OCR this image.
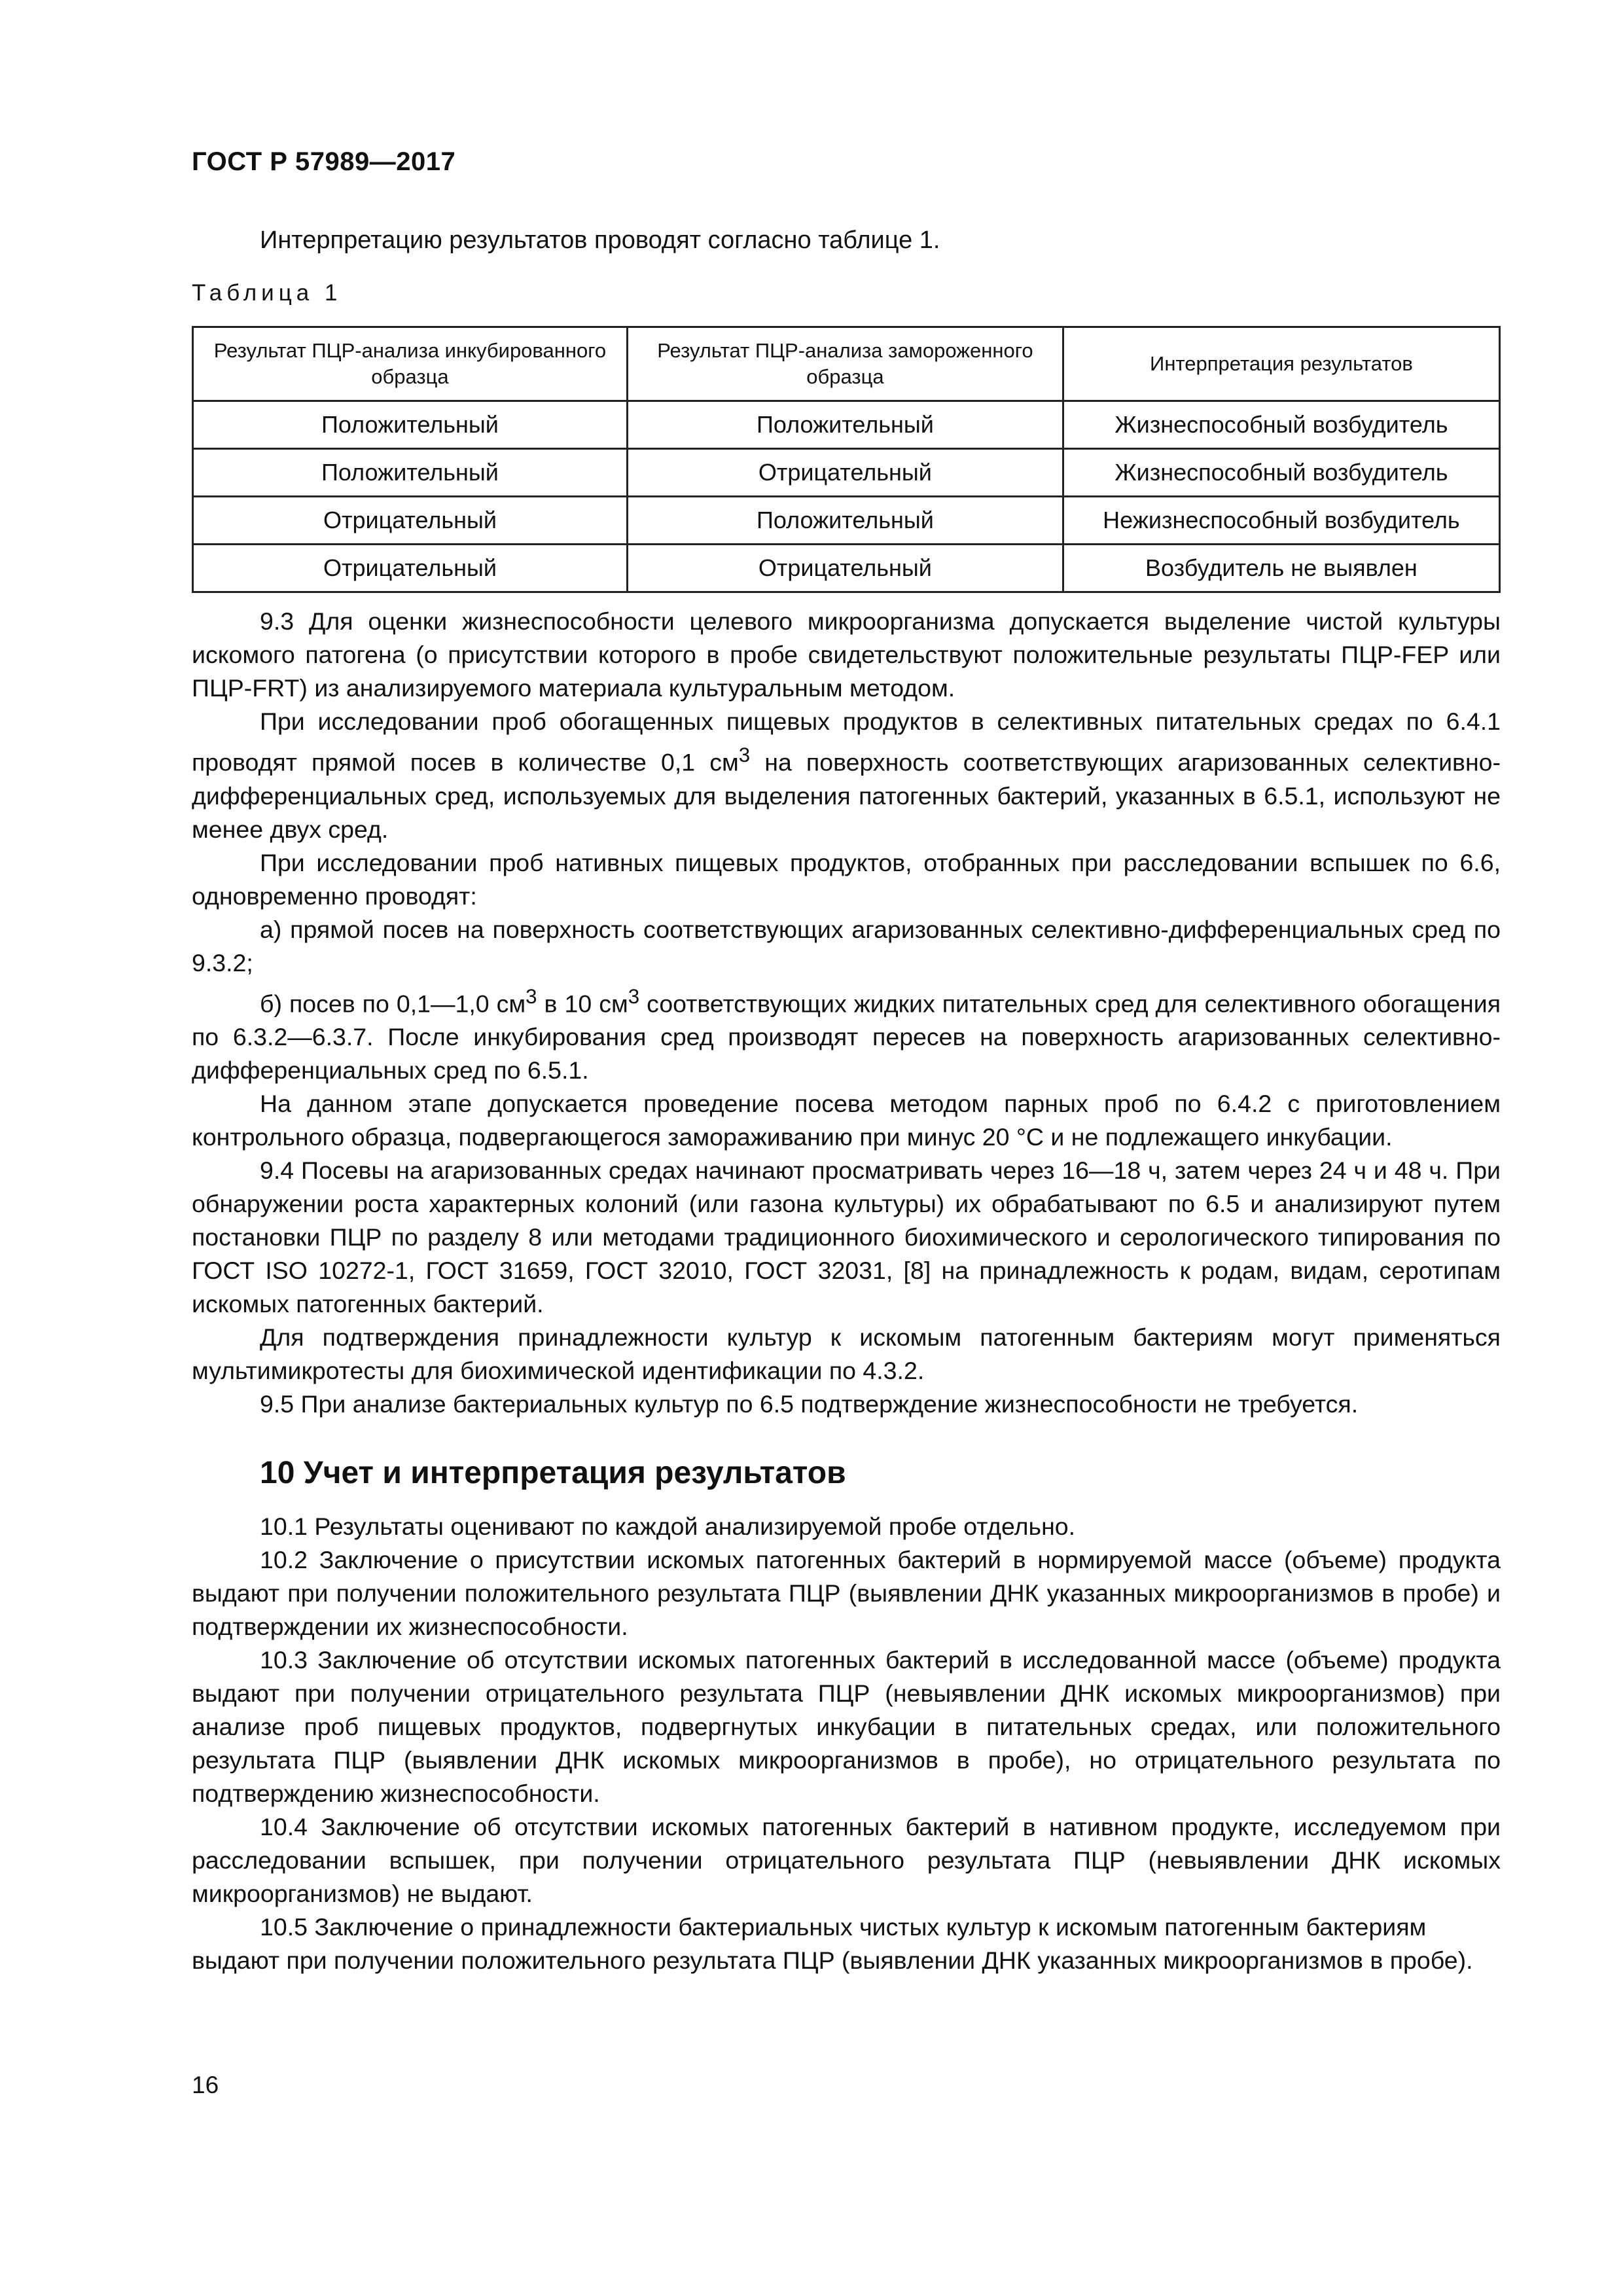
ГОСТ Р 57989—2017
Интерпретацию результатов проводят согласно таблице 1.
Таблица 1
Результат ПЦР-анализа инкубированного образца	Результат ПЦР-анализа замороженного образца	Интерпретация результатов
Положительный	Положительный	Жизнеспособный возбудитель
Положительный	Отрицательный	Жизнеспособный возбудитель
Отрицательный	Положительный	Нежизнеспособный возбудитель
Отрицательный	Отрицательный	Возбудитель не выявлен

9.3 Для оценки жизнеспособности целевого микроорганизма допускается выделение чистой культуры искомого патогена (о присутствии которого в пробе свидетельствуют положительные результаты ПЦР-FEP или ПЦР-FRT) из анализируемого материала культуральным методом.

При исследовании проб обогащенных пищевых продуктов в селективных питательных средах по 6.4.1 проводят прямой посев в количестве 0,1 $см^3$ на поверхность соответствующих агаризованных селективно-дифференциальных сред, используемых для выделения патогенных бактерий, указанных в 6.5.1, используют не менее двух сред.

При исследовании проб нативных пищевых продуктов, отобранных при расследовании вспышек по 6.6, одновременно проводят:

а) прямой посев на поверхность соответствующих агаризованных селективно-дифференциальных сред по 9.3.2;

б) посев по 0,1—1,0 $см^3$ в 10 $см^3$ соответствующих жидких питательных сред для селективного обогащения по 6.3.2—6.3.7. После инкубирования сред производят пересев на поверхность агаризованных селективно-дифференциальных сред по 6.5.1.

На данном этапе допускается проведение посева методом парных проб по 6.4.2 с приготовлением контрольного образца, подвергающегося замораживанию при минус 20 °С и не подлежащего инкубации.

9.4 Посевы на агаризованных средах начинают просматривать через 16—18 ч, затем через 24 ч и 48 ч. При обнаружении роста характерных колоний (или газона культуры) их обрабатывают по 6.5 и анализируют путем постановки ПЦР по разделу 8 или методами традиционного биохимического и серологического типирования по ГОСТ ISO 10272-1, ГОСТ 31659, ГОСТ 32010, ГОСТ 32031, [8] на принадлежность к родам, видам, серотипам искомых патогенных бактерий.

Для подтверждения принадлежности культур к искомым патогенным бактериям могут применяться мультимикротесты для биохимической идентификации по 4.3.2.

9.5 При анализе бактериальных культур по 6.5 подтверждение жизнеспособности не требуется.

10 Учет и интерпретация результатов

10.1 Результаты оценивают по каждой анализируемой пробе отдельно.

10.2 Заключение о присутствии искомых патогенных бактерий в нормируемой массе (объеме) продукта выдают при получении положительного результата ПЦР (выявлении ДНК указанных микроорганизмов в пробе) и подтверждении их жизнеспособности.

10.3 Заключение об отсутствии искомых патогенных бактерий в исследованной массе (объеме) продукта выдают при получении отрицательного результата ПЦР (невыявлении ДНК искомых микроорганизмов) при анализе проб пищевых продуктов, подвергнутых инкубации в питательных средах, или положительного результата ПЦР (выявлении ДНК искомых микроорганизмов в пробе), но отрицательного результата по подтверждению жизнеспособности.

10.4 Заключение об отсутствии искомых патогенных бактерий в нативном продукте, исследуемом при расследовании вспышек, при получении отрицательного результата ПЦР (невыявлении ДНК искомых микроорганизмов) не выдают.

10.5 Заключение о принадлежности бактериальных чистых культур к искомым патогенным бактериям выдают при получении положительного результата ПЦР (выявлении ДНК указанных микроорганизмов в пробе).

16
